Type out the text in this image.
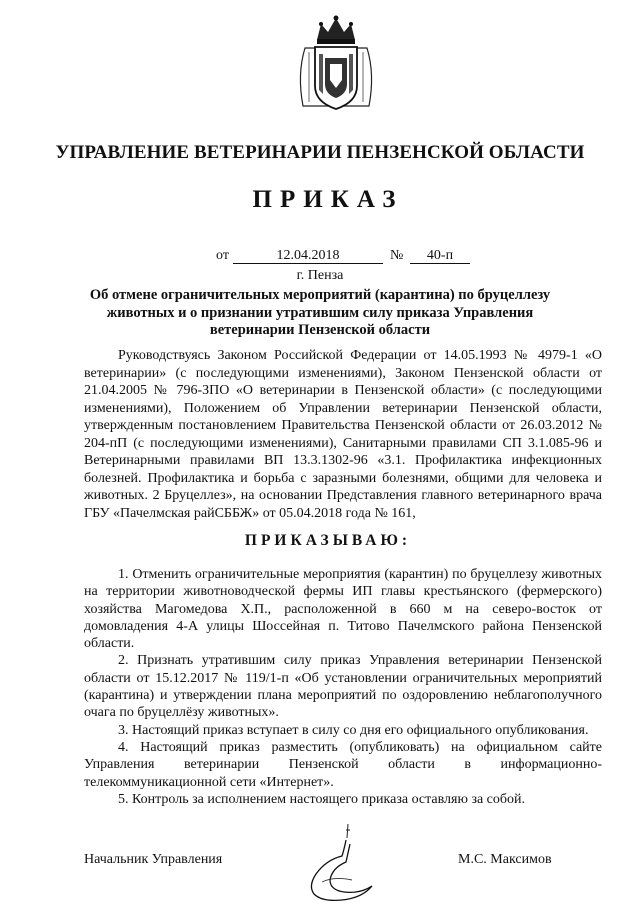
УПРАВЛЕНИЕ ВЕТЕРИНАРИИ ПЕНЗЕНСКОЙ ОБЛАСТИ
ПРИКАЗ
от	12.04.2018	№	40-п
г. Пенза
Об отмене ограничительных мероприятий (карантина) по бруцеллезу животных и о признании утратившим силу приказа Управления ветеринарии Пензенской области

Руководствуясь Законом Российской Федерации от 14.05.1993 № 4979-1 «О ветеринарии» (с последующими изменениями), Законом Пензенской области от 21.04.2005 № 796-ЗПО «О ветеринарии в Пензенской области» (с последующими изменениями), Положением об Управлении ветеринарии Пензенской области, утвержденным постановлением Правительства Пензенской области от 26.03.2012 № 204-пП (с последующими изменениями), Санитарными правилами СП 3.1.085-96 и Ветеринарными правилами ВП 13.3.1302-96 «3.1. Профилактика инфекционных болезней. Профилактика и борьба с заразными болезнями, общими для человека и животных. 2 Бруцеллез», на основании Представления главного ветеринарного врача ГБУ «Пачелмская райСББЖ» от 05.04.2018 года № 161,

ПРИКАЗЫВАЮ:

1. Отменить ограничительные мероприятия (карантин) по бруцеллезу животных на территории животноводческой фермы ИП главы крестьянского (фермерского) хозяйства Магомедова Х.П., расположенной в 660 м на северо-восток от домовладения 4-А улицы Шоссейная п. Титово Пачелмского района Пензенской области.

2. Признать утратившим силу приказ Управления ветеринарии Пензенской области от 15.12.2017 № 119/1-п «Об установлении ограничительных мероприятий (карантина) и утверждении плана мероприятий по оздоровлению неблагополучного очага по бруцеллёзу животных».

3. Настоящий приказ вступает в силу со дня его официального опубликования.

4. Настоящий приказ разместить (опубликовать) на официальном сайте Управления ветеринарии Пензенской области в информационно-телекоммуникационной сети «Интернет».

5. Контроль за исполнением настоящего приказа оставляю за собой.

Начальник Управления	М.С. Максимов
